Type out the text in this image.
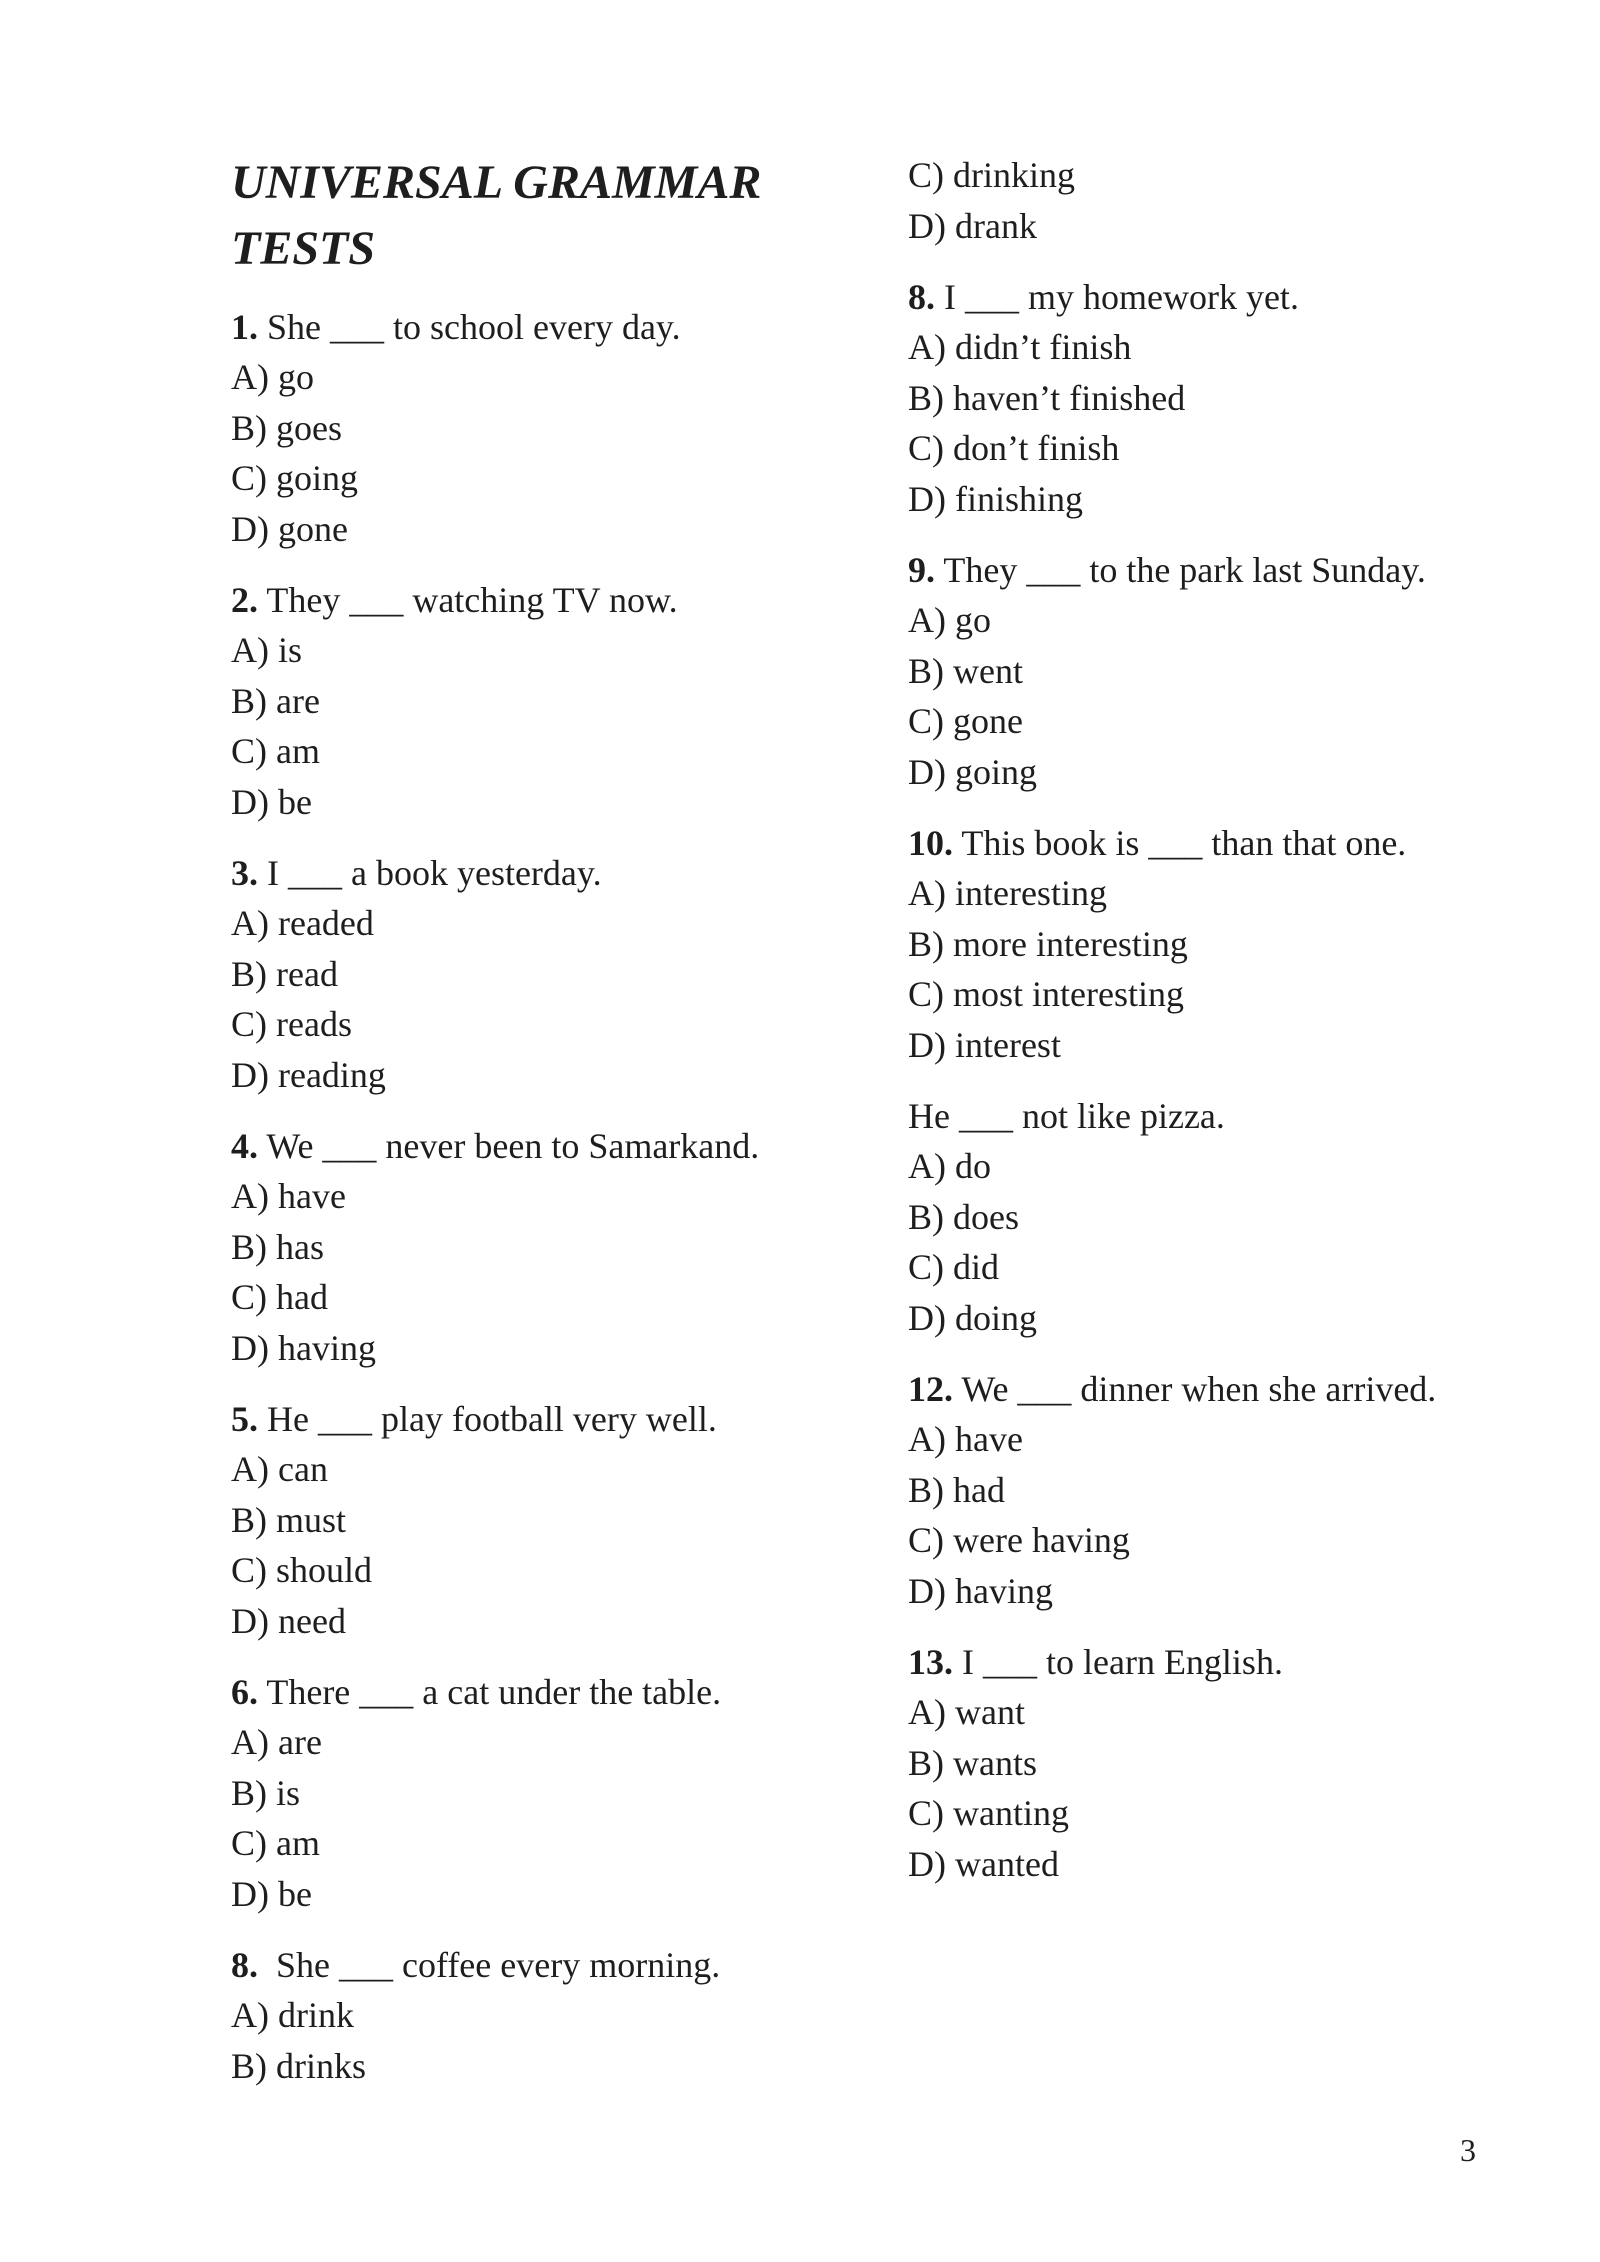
UNIVERSAL GRAMMAR TESTS
1. She ___ to school every day.
A) go
B) goes
C) going
D) gone
2. They ___ watching TV now.
A) is
B) are
C) am
D) be
3. I ___ a book yesterday.
A) readed
B) read
C) reads
D) reading
4. We ___ never been to Samarkand.
A) have
B) has
C) had
D) having
5. He ___ play football very well.
A) can
B) must
C) should
D) need
6. There ___ a cat under the table.
A) are
B) is
C) am
D) be
8.  She ___ coffee every morning.
A) drink
B) drinks
C) drinking
D) drank
8. I ___ my homework yet.
A) didn’t finish
B) haven’t finished
C) don’t finish
D) finishing
9. They ___ to the park last Sunday.
A) go
B) went
C) gone
D) going
10. This book is ___ than that one.
A) interesting
B) more interesting
C) most interesting
D) interest
He ___ not like pizza.
A) do
B) does
C) did
D) doing
12. We ___ dinner when she arrived.
A) have
B) had
C) were having
D) having
13. I ___ to learn English.
A) want
B) wants
C) wanting
D) wanted
3
